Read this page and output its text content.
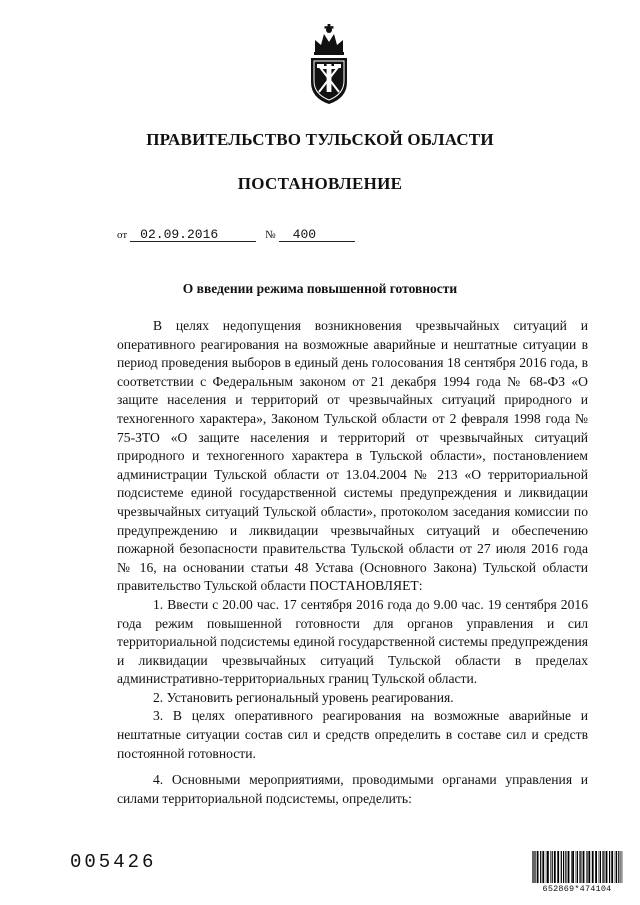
ПРАВИТЕЛЬСТВО ТУЛЬСКОЙ ОБЛАСТИ
ПОСТАНОВЛЕНИЕ
от 02.09.2016	№ 400
О введении режима повышенной готовности

В целях недопущения возникновения чрезвычайных ситуаций и оперативного реагирования на возможные аварийные и нештатные ситуации в период проведения выборов в единый день голосования 18 сентября 2016 года, в соответствии с Федеральным законом от 21 декабря 1994 года № 68-ФЗ «О защите населения и территорий от чрезвычайных ситуаций природного и техногенного характера», Законом Тульской области от 2 февраля 1998 года № 75-ЗТО «О защите населения и территорий от чрезвычайных ситуаций природного и техногенного характера в Тульской области», постановлением администрации Тульской области от 13.04.2004 № 213 «О территориальной подсистеме единой государственной системы предупреждения и ликвидации чрезвычайных ситуаций Тульской области», протоколом заседания комиссии по предупреждению и ликвидации чрезвычайных ситуаций и обеспечению пожарной безопасности правительства Тульской области от 27 июля 2016 года № 16, на основании статьи 48 Устава (Основного Закона) Тульской области правительство Тульской области ПОСТАНОВЛЯЕТ:

1. Ввести с 20.00 час. 17 сентября 2016 года до 9.00 час. 19 сентября 2016 года режим повышенной готовности для органов управления и сил территориальной подсистемы единой государственной системы предупреждения и ликвидации чрезвычайных ситуаций Тульской области в пределах административно-территориальных границ Тульской области.

2. Установить региональный уровень реагирования.

3. В целях оперативного реагирования на возможные аварийные и нештатные ситуации состав сил и средств определить в составе сил и средств постоянной готовности.

4. Основными мероприятиями, проводимыми органами управления и силами территориальной подсистемы, определить:

005426
652869*474104
